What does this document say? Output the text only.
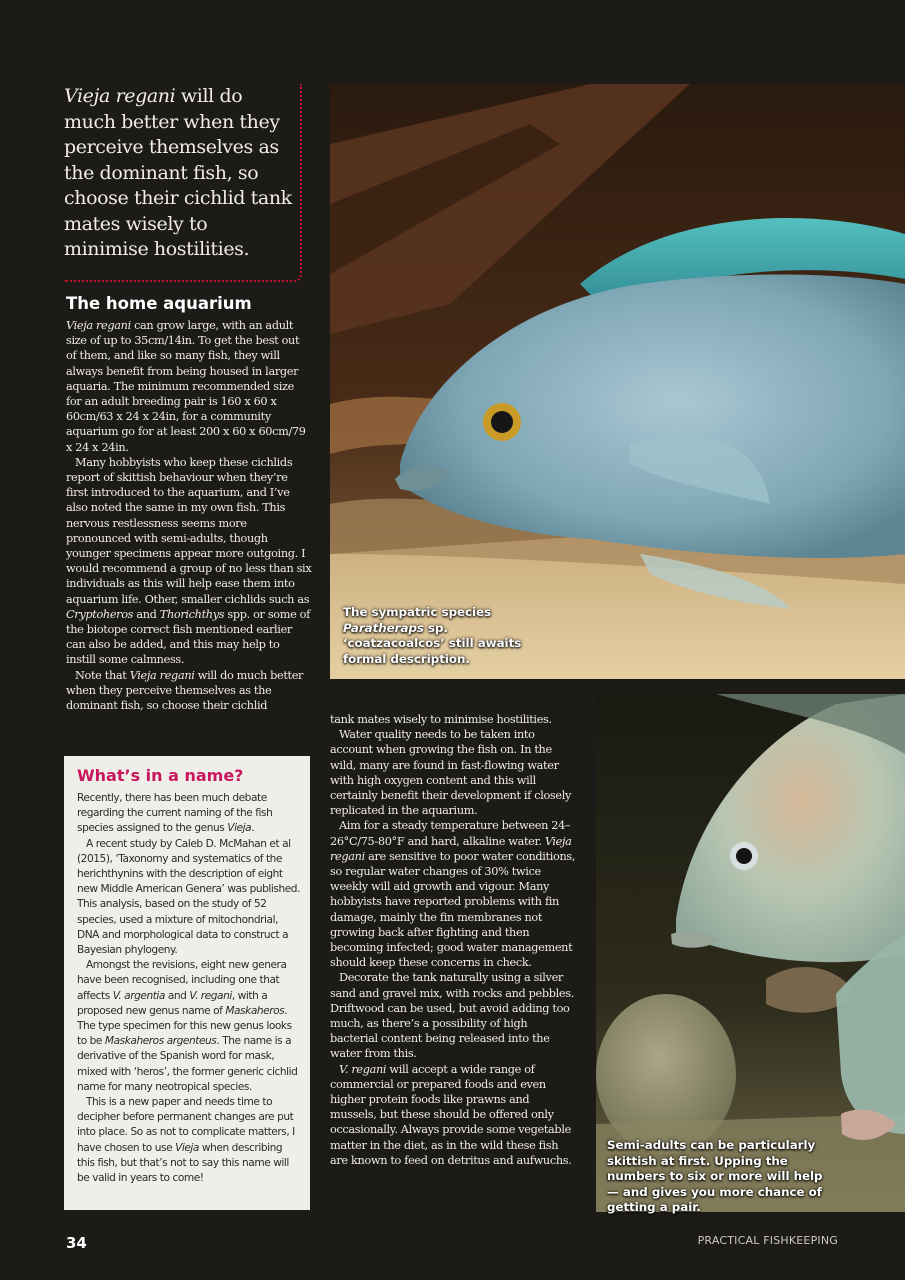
Vieja regani will do much better when they perceive themselves as the dominant fish, so choose their cichlid tank mates wisely to minimise hostilities.

The home aquarium

Vieja regani can grow large, with an adult size of up to 35cm/14in. To get the best out of them, and like so many fish, they will always benefit from being housed in larger aquaria. The minimum recommended size for an adult breeding pair is 160 x 60 x 60cm/63 x 24 x 24in, for a community aquarium go for at least 200 x 60 x 60cm/79 x 24 x 24in.

Many hobbyists who keep these cichlids report of skittish behaviour when they’re first introduced to the aquarium, and I’ve also noted the same in my own fish. This nervous restlessness seems more pronounced with semi-adults, though younger specimens appear more outgoing. I would recommend a group of no less than six individuals as this will help ease them into aquarium life. Other, smaller cichlids such as Cryptoheros and Thorichthys spp. or some of the biotope correct fish mentioned earlier can also be added, and this may help to instill some calmness.

Note that Vieja regani will do much better when they perceive themselves as the dominant fish, so choose their cichlid

tank mates wisely to minimise hostilities.

Water quality needs to be taken into account when growing the fish on. In the wild, many are found in fast-flowing water with high oxygen content and this will certainly benefit their development if closely replicated in the aquarium.

Aim for a steady temperature between 24–26°C/75-80°F and hard, alkaline water. Vieja regani are sensitive to poor water conditions, so regular water changes of 30% twice weekly will aid growth and vigour. Many hobbyists have reported problems with fin damage, mainly the fin membranes not growing back after fighting and then becoming infected; good water management should keep these concerns in check.

Decorate the tank naturally using a silver sand and gravel mix, with rocks and pebbles. Driftwood can be used, but avoid adding too much, as there’s a possibility of high bacterial content being released into the water from this.

V. regani will accept a wide range of commercial or prepared foods and even higher protein foods like prawns and mussels, but these should be offered only occasionally. Always provide some vegetable matter in the diet, as in the wild these fish are known to feed on detritus and aufwuchs.

What’s in a name?

Recently, there has been much debate regarding the current naming of the fish species assigned to the genus Vieja.

A recent study by Caleb D. McMahan et al (2015), ‘Taxonomy and systematics of the herichthynins with the description of eight new Middle American Genera’ was published. This analysis, based on the study of 52 species, used a mixture of mitochondrial, DNA and morphological data to construct a Bayesian phylogeny.

Amongst the revisions, eight new genera have been recognised, including one that affects V. argentia and V. regani, with a proposed new genus name of Maskaheros. The type specimen for this new genus looks to be Maskaheros argenteus. The name is a derivative of the Spanish word for mask, mixed with ‘heros’, the former generic cichlid name for many neotropical species.

This is a new paper and needs time to decipher before permanent changes are put into place. So as not to complicate matters, I have chosen to use Vieja when describing this fish, but that’s not to say this name will be valid in years to come!

The sympatric species Paratheraps sp. ‘coatzacoalcos’ still awaits formal description.

Semi-adults can be particularly skittish at first. Upping the numbers to six or more will help — and gives you more chance of getting a pair.

34	PRACTICAL FISHKEEPING
